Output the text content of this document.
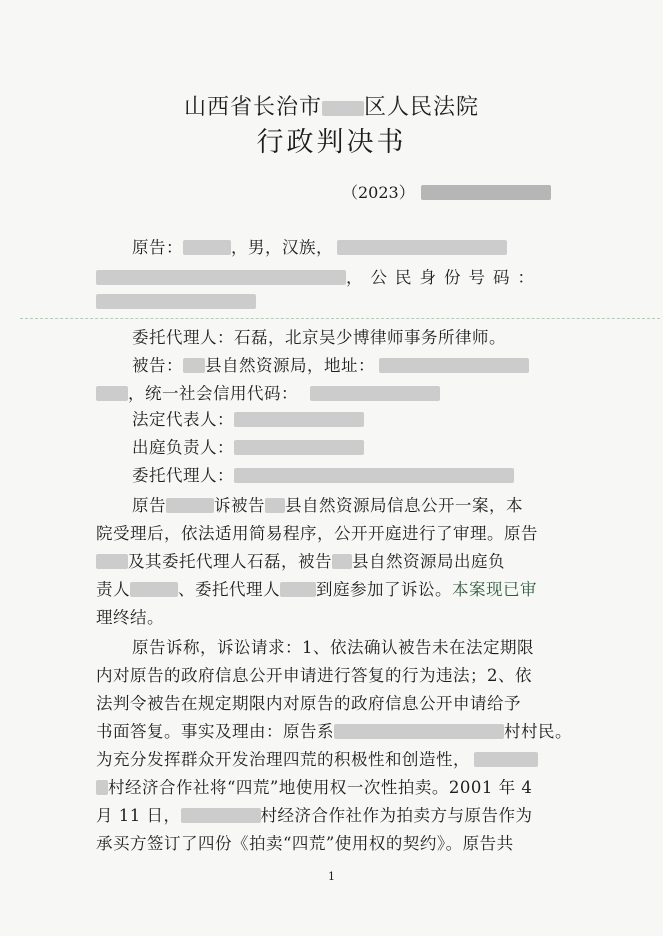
山西省长治市 区人民法院
行政判决书
（2023）
原告：	，男，汉族，
，公民身份号码：
委托代理人：石磊，北京吴少博律师事务所律师。
被告： 县自然资源局，地址：
，统一社会信用代码：
法定代表人：
出庭负责人：
委托代理人：
原告	诉被告 县自然资源局信息公开一案，本
院受理后，依法适用简易程序，公开开庭进行了审理。原告
及其委托代理人石磊，被告 县自然资源局出庭负
责人	、委托代理人 到庭参加了诉讼。本案现已审
理终结。
原告诉称，诉讼请求：1、依法确认被告未在法定期限
内对原告的政府信息公开申请进行答复的行为违法；2、依
法判令被告在规定期限内对原告的政府信息公开申请给予
书面答复。事实及理由：原告系	村村民。
为充分发挥群众开发治理四荒的积极性和创造性，
村经济合作社将“四荒”地使用权一次性拍卖。2001 年 4
月 11 日，	村经济合作社作为拍卖方与原告作为
承买方签订了四份《拍卖“四荒”使用权的契约》。原告共
1
